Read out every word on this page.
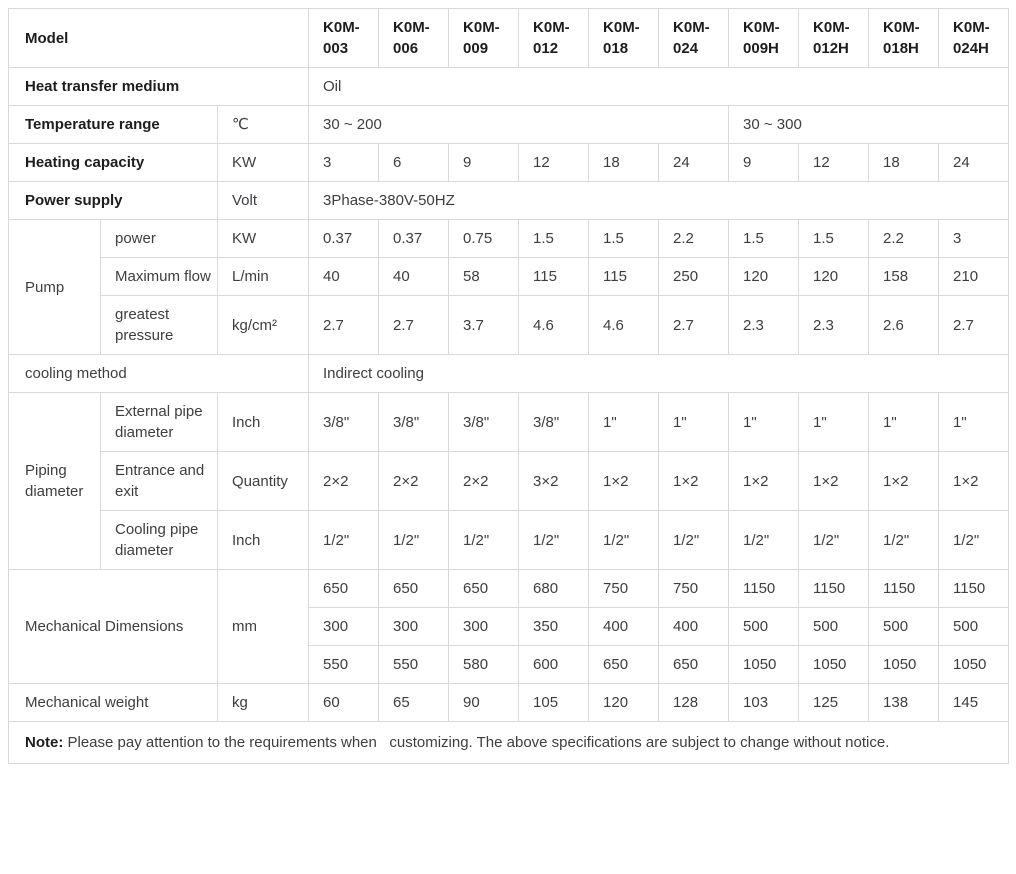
Model			K0M-003	K0M-006	K0M-009	K0M-012	K0M-018	K0M-024	K0M-009H	K0M-012H	K0M-018H	K0M-024H
Heat transfer medium			Oil									
Temperature range		℃	30 ~ 200						30 ~ 300			
Heating capacity		KW	3	6	9	12	18	24	9	12	18	24
Power supply		Volt	3Phase-380V-50HZ									
Pump	power	KW	0.37	0.37	0.75	1.5	1.5	2.2	1.5	1.5	2.2	3
	Maximum flow	L/min	40	40	58	115	115	250	120	120	158	210
	greatest pressure	kg/cm²	2.7	2.7	3.7	4.6	4.6	2.7	2.3	2.3	2.6	2.7
cooling method			Indirect cooling									
Piping diameter	External pipe diameter	Inch	3/8"	3/8"	3/8"	3/8"	1"	1"	1"	1"	1"	1"
	Entrance and exit	Quantity	2×2	2×2	2×2	3×2	1×2	1×2	1×2	1×2	1×2	1×2
	Cooling pipe diameter	Inch	1/2"	1/2"	1/2"	1/2"	1/2"	1/2"	1/2"	1/2"	1/2"	1/2"
Mechanical Dimensions		mm	650	650	650	680	750	750	1150	1150	1150	1150
			300	300	300	350	400	400	500	500	500	500
			550	550	580	600	650	650	1050	1050	1050	1050
Mechanical weight		kg	60	65	90	105	120	128	103	125	138	145
Note: Please pay attention to the requirements when   customizing. The above specifications are subject to change without notice.												
